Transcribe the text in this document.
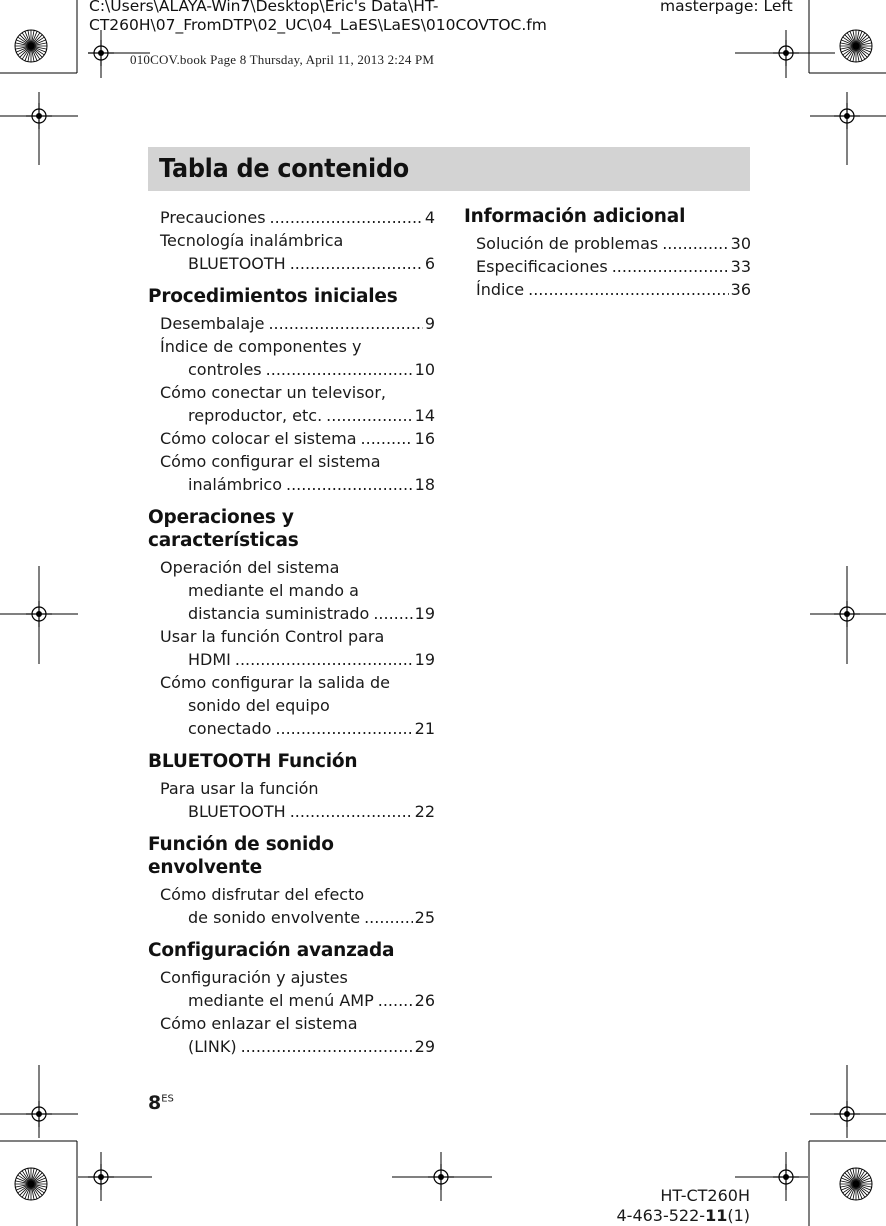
C:\Users\ALAYA-Win7\Desktop\Eric's Data\HT-
CT260H\07_FromDTP\02_UC\04_LaES\LaES\010COVTOC.fm
masterpage: Left
010COV.book Page 8 Thursday, April 11, 2013 2:24 PM
Tabla de contenido
Precauciones .....	4
Tecnología inalámbrica
BLUETOOTH .....	6
Procedimientos iniciales
Desembalaje .....	9
Índice de componentes y
controles .....	10
Cómo conectar un televisor,
reproductor, etc. .....	14
Cómo colocar el sistema .....	16
Cómo configurar el sistema
inalámbrico .....	18
Operaciones y
características
Operación del sistema
mediante el mando a
distancia suministrado .....	19
Usar la función Control para
HDMI .....	19
Cómo configurar la salida de
sonido del equipo
conectado .....	21
BLUETOOTH Función
Para usar la función
BLUETOOTH .....	22
Función de sonido
envolvente
Cómo disfrutar del efecto
de sonido envolvente .....	25
Configuración avanzada
Configuración y ajustes
mediante el menú AMP .....	26
Cómo enlazar el sistema
(LINK) .....	29
Información adicional
Solución de problemas .....	30
Especificaciones .....	33
Índice .....	36
$8^{ES}$
HT-CT260H
4-463-522-11(1)
